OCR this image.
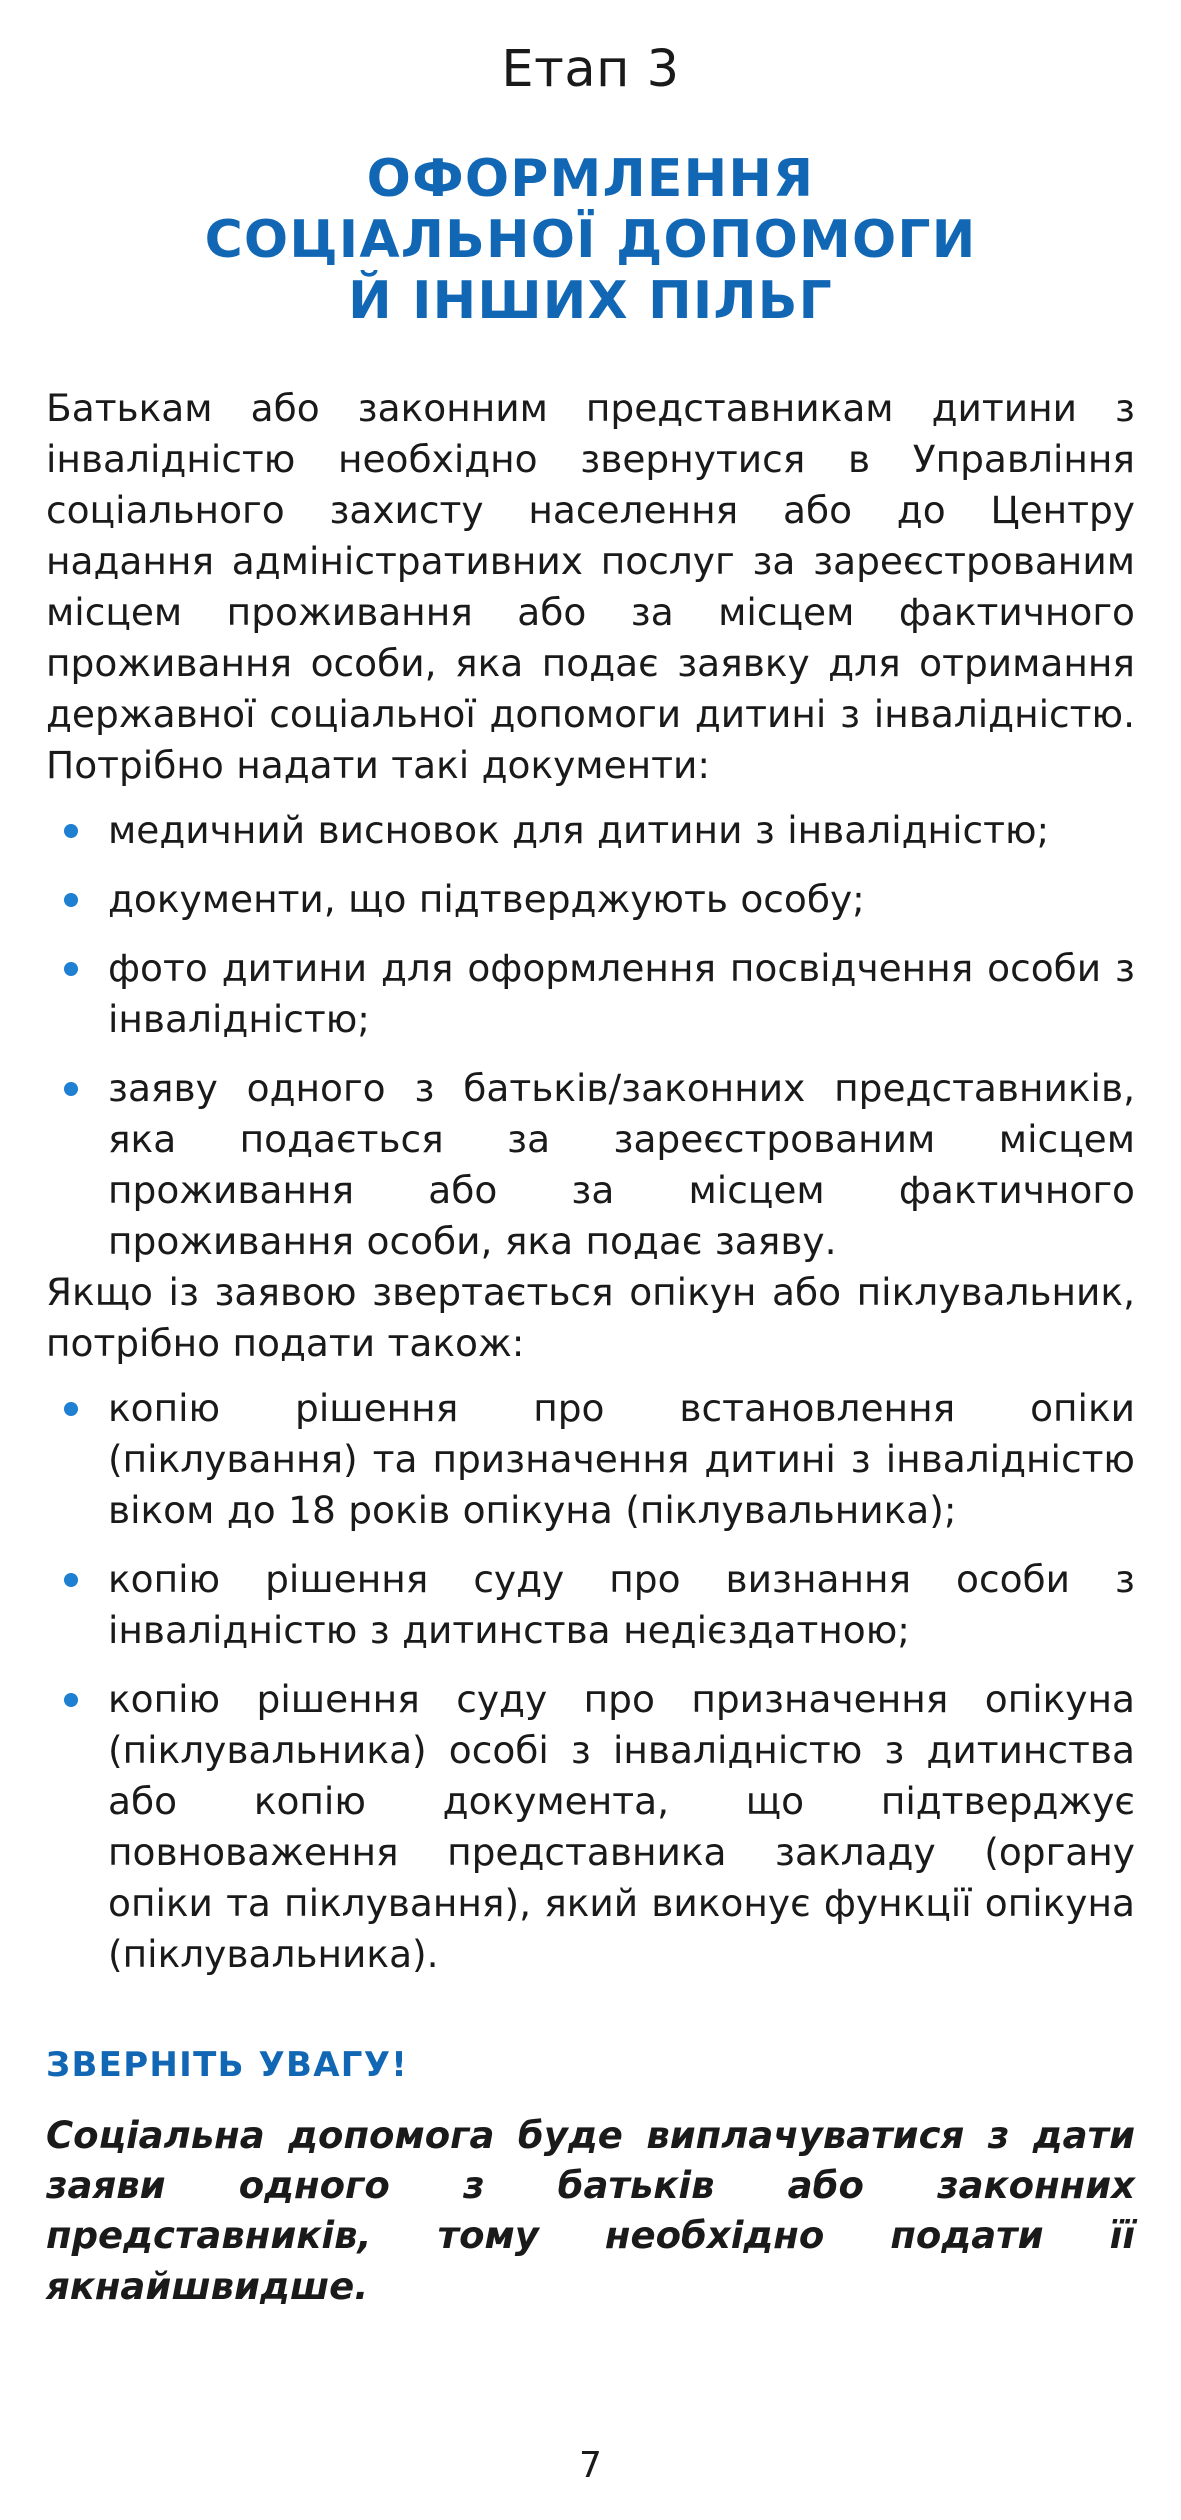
Етап 3
ОФОРМЛЕННЯ
СОЦІАЛЬНОЇ ДОПОМОГИ
Й ІНШИХ ПІЛЬГ

Батькам або законним представникам дитини з інвалідністю необхідно звернутися в Управління соціального захисту населення або до Центру надання адміністративних послуг за зареєстрованим місцем проживання або за місцем фактичного проживання особи, яка подає заявку для отримання державної соціальної допомоги дитині з інвалідністю. Потрібно надати такі документи:

медичний висновок для дитини з інвалідністю;
документи, що підтверджують особу;
фото дитини для оформлення посвідчення особи з інвалідністю;
заяву одного з батьків/законних представників, яка подається за зареєстрованим місцем проживання або за місцем фактичного проживання особи, яка подає заяву.

Якщо із заявою звертається опікун або піклувальник, потрібно подати також:

копію рішення про встановлення опіки (піклування) та призначення дитині з інвалідністю віком до 18 років опікуна (піклувальника);
копію рішення суду про визнання особи з інвалідністю з дитинства недієздатною;
копію рішення суду про призначення опікуна (піклувальника) особі з інвалідністю з дитинства або копію документа, що підтверджує повноваження представника закладу (органу опіки та піклування), який виконує функції опікуна (піклувальника).
ЗВЕРНІТЬ УВАГУ!

Соціальна допомога буде виплачуватися з дати заяви одного з батьків або законних представників, тому необхідно подати її якнайшвидше.

7
